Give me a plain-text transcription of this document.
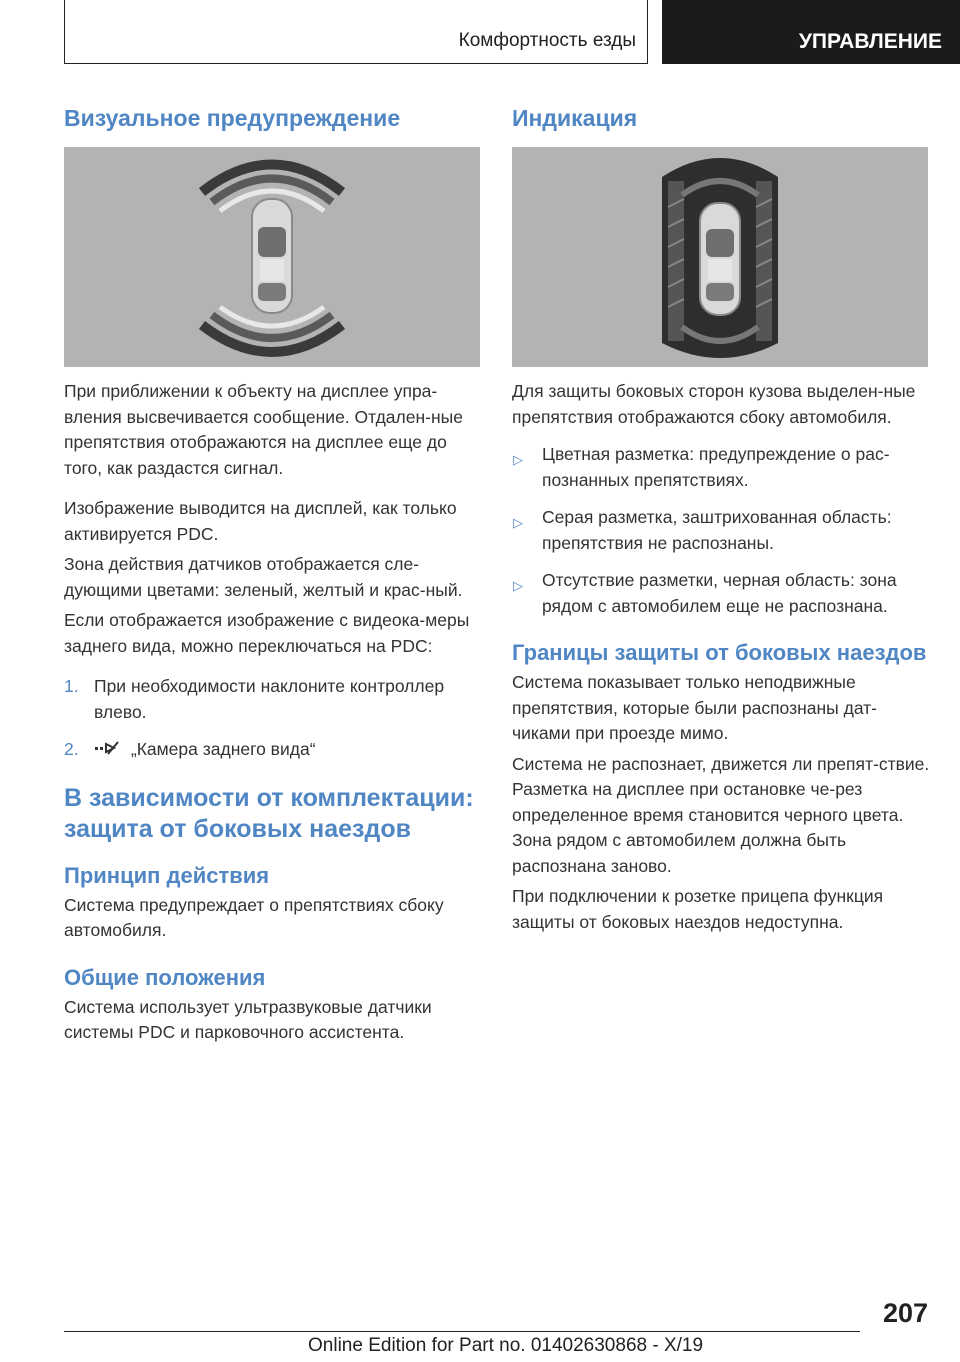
Комфортность езды	УПРАВЛЕНИЕ
Визуальное предупреждение

При приближении к объекту на дисплее упра-вления высвечивается сообщение. Отдален-ные препятствия отображаются на дисплее еще до того, как раздастся сигнал.

Изображение выводится на дисплей, как только активируется PDC.

Зона действия датчиков отображается сле-дующими цветами: зеленый, желтый и крас-ный.

Если отображается изображение с видеока-меры заднего вида, можно переключаться на PDC:

1. При необходимости наклоните контроллер влево.
2.	„Камера заднего вида“
В зависимости от комплектации: защита от боковых наездов
Принцип действия

Система предупреждает о препятствиях сбоку автомобиля.

Общие положения

Система использует ультразвуковые датчики системы PDC и парковочного ассистента.

Индикация

Для защиты боковых сторон кузова выделен-ные препятствия отображаются сбоку автомобиля.

▷ Цветная разметка: предупреждение о рас-познанных препятствиях.
▷ Серая разметка, заштрихованная область: препятствия не распознаны.
▷ Отсутствие разметки, черная область: зона рядом с автомобилем еще не распознана.
Границы защиты от боковых наездов

Система показывает только неподвижные препятствия, которые были распознаны дат-чиками при проезде мимо.

Система не распознает, движется ли препят-ствие. Разметка на дисплее при остановке че-рез определенное время становится черного цвета. Зона рядом с автомобилем должна быть распознана заново.

При подключении к розетке прицепа функция защиты от боковых наездов недоступна.

207
Online Edition for Part no. 01402630868 - X/19
